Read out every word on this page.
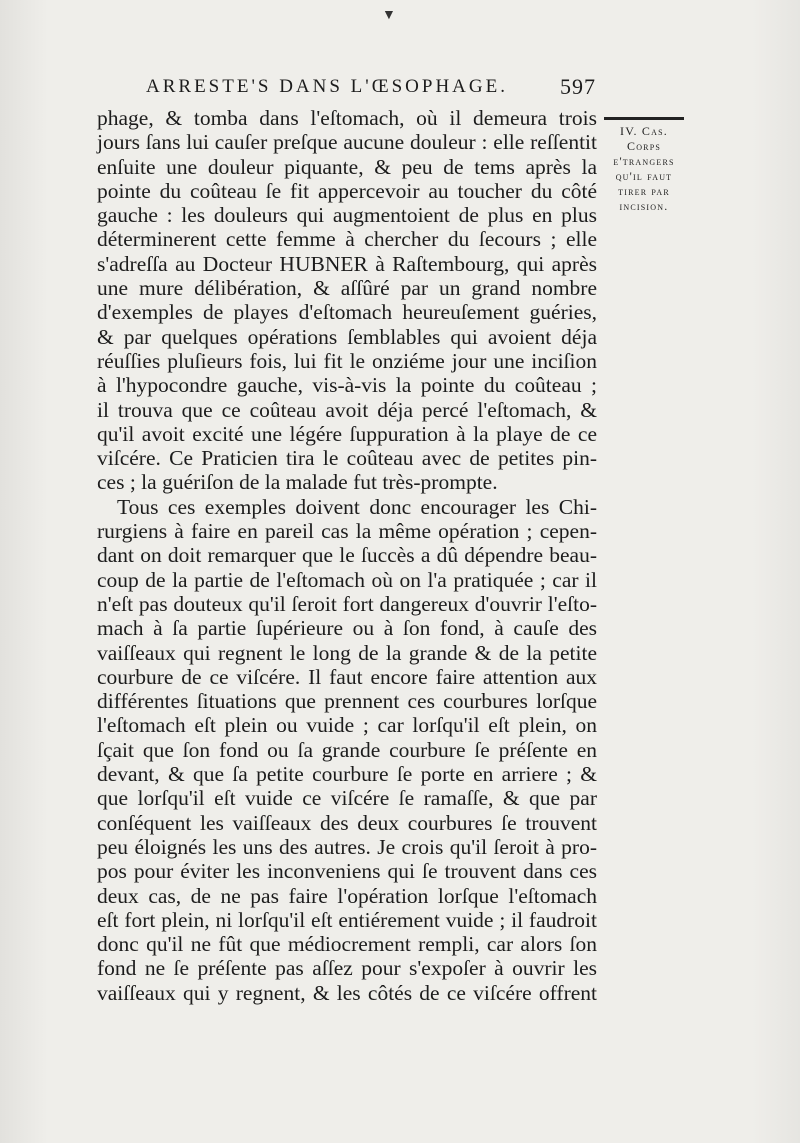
▼
ARRESTE'S DANS L'ŒSOPHAGE. 597
IV. Cas.
Corps
e'trangers
qu'il faut
tirer par
incision.
phage, & tomba dans l'eſtomach, où il demeura trois
jours ſans lui cauſer preſque aucune douleur : elle reſſentit
enſuite une douleur piquante, & peu de tems après la
pointe du coûteau ſe fit appercevoir au toucher du côté
gauche : les douleurs qui augmentoient de plus en plus
déterminerent cette femme à chercher du ſecours ; elle
s'adreſſa au Docteur HUBNER à Raſtembourg, qui après
une mure délibération, & aſſûré par un grand nombre
d'exemples de playes d'eſtomach heureuſement guéries,
& par quelques opérations ſemblables qui avoient déja
réuſſies pluſieurs fois, lui fit le onziéme jour une inciſion
à l'hypocondre gauche, vis-à-vis la pointe du coûteau ;
il trouva que ce coûteau avoit déja percé l'eſtomach, &
qu'il avoit excité une légére ſuppuration à la playe de ce
viſcére. Ce Praticien tira le coûteau avec de petites pin-
ces ; la guériſon de la malade fut très-prompte.
Tous ces exemples doivent donc encourager les Chi-
rurgiens à faire en pareil cas la même opération ; cepen-
dant on doit remarquer que le ſuccès a dû dépendre beau-
coup de la partie de l'eſtomach où on l'a pratiquée ; car il
n'eſt pas douteux qu'il ſeroit fort dangereux d'ouvrir l'eſto-
mach à ſa partie ſupérieure ou à ſon fond, à cauſe des
vaiſſeaux qui regnent le long de la grande & de la petite
courbure de ce viſcére. Il faut encore faire attention aux
différentes ſituations que prennent ces courbures lorſque
l'eſtomach eſt plein ou vuide ; car lorſqu'il eſt plein, on
ſçait que ſon fond ou ſa grande courbure ſe préſente en
devant, & que ſa petite courbure ſe porte en arriere ; &
que lorſqu'il eſt vuide ce viſcére ſe ramaſſe, & que par
conſéquent les vaiſſeaux des deux courbures ſe trouvent
peu éloignés les uns des autres. Je crois qu'il ſeroit à pro-
pos pour éviter les inconveniens qui ſe trouvent dans ces
deux cas, de ne pas faire l'opération lorſque l'eſtomach
eſt fort plein, ni lorſqu'il eſt entiérement vuide ; il faudroit
donc qu'il ne fût que médiocrement rempli, car alors ſon
fond ne ſe préſente pas aſſez pour s'expoſer à ouvrir les
vaiſſeaux qui y regnent, & les côtés de ce viſcére offrent
